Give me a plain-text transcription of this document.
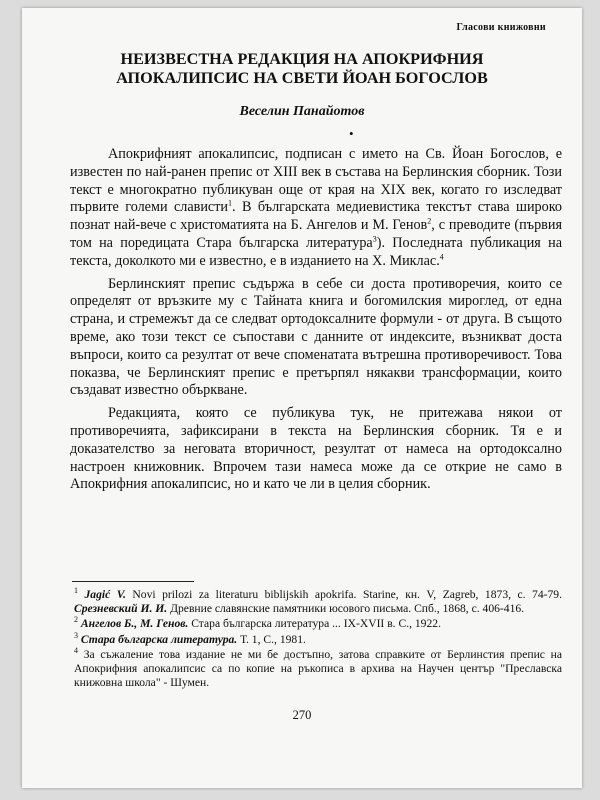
Гласови книжовни
НЕИЗВЕСТНА РЕДАКЦИЯ НА АПОКРИФНИЯ
АПОКАЛИПСИС НА СВЕТИ ЙОАН БОГОСЛОВ
Веселин Панайотов
•

Апокрифният апокалипсис, подписан с името на Св. Йоан Богослов, е известен по най-ранен препис от XIII век в състава на Берлинския сборник. Този текст е многократно публикуван още от края на XIX век, когато го изследват първите големи слависти$^1$. В българската медиевистика текстът става широко познат най-вече с христоматията на Б. Ангелов и М. Генов$^2$, с преводите (първия том на поредицата Стара българска литература$^3$). Последната публикация на текста, доколкото ми е известно, е в изданието на Х. Миклас.$^4$

Берлинският препис съдържа в себе си доста противоречия, които се определят от връзките му с Тайната книга и богомилския мироглед, от една страна, и стремежът да се следват ортодоксалните формули - от друга. В същото време, ако този текст се съпостави с данните от индексите, възникват доста въпроси, които са резултат от вече споменатата вътрешна противоречивост. Това показва, че Берлинският препис е претърпял някакви трансформации, които създават известно объркване.

Редакцията, която се публикува тук, не притежава някои от противоречията, зафиксирани в текста на Берлинския сборник. Тя е и доказателство за неговата вторичност, резултат от намеса на ортодоксално настроен книжовник. Впрочем тази намеса може да се открие не само в Апокрифния апокалипсис, но и като че ли в целия сборник.

$^1$ Jagić V. Novi prilozi za literaturu biblijskih apokrifa. Starine, кн. V, Zagreb, 1873, с. 74-79. Срезневский И. И. Древние славянские памятники юсового письма. Спб., 1868, с. 406-416.
$^2$ Ангелов Б., М. Генов. Стара българска литература ... IX-XVII в. С., 1922.
$^3$ Стара българска литература. Т. 1, С., 1981.
$^4$ За съжаление това издание не ми бе достъпно, затова справките от Берлинстия препис на Апокрифния апокалипсис са по копие на ръкописа в архива на Научен център "Преславска книжовна школа" - Шумен.
270
